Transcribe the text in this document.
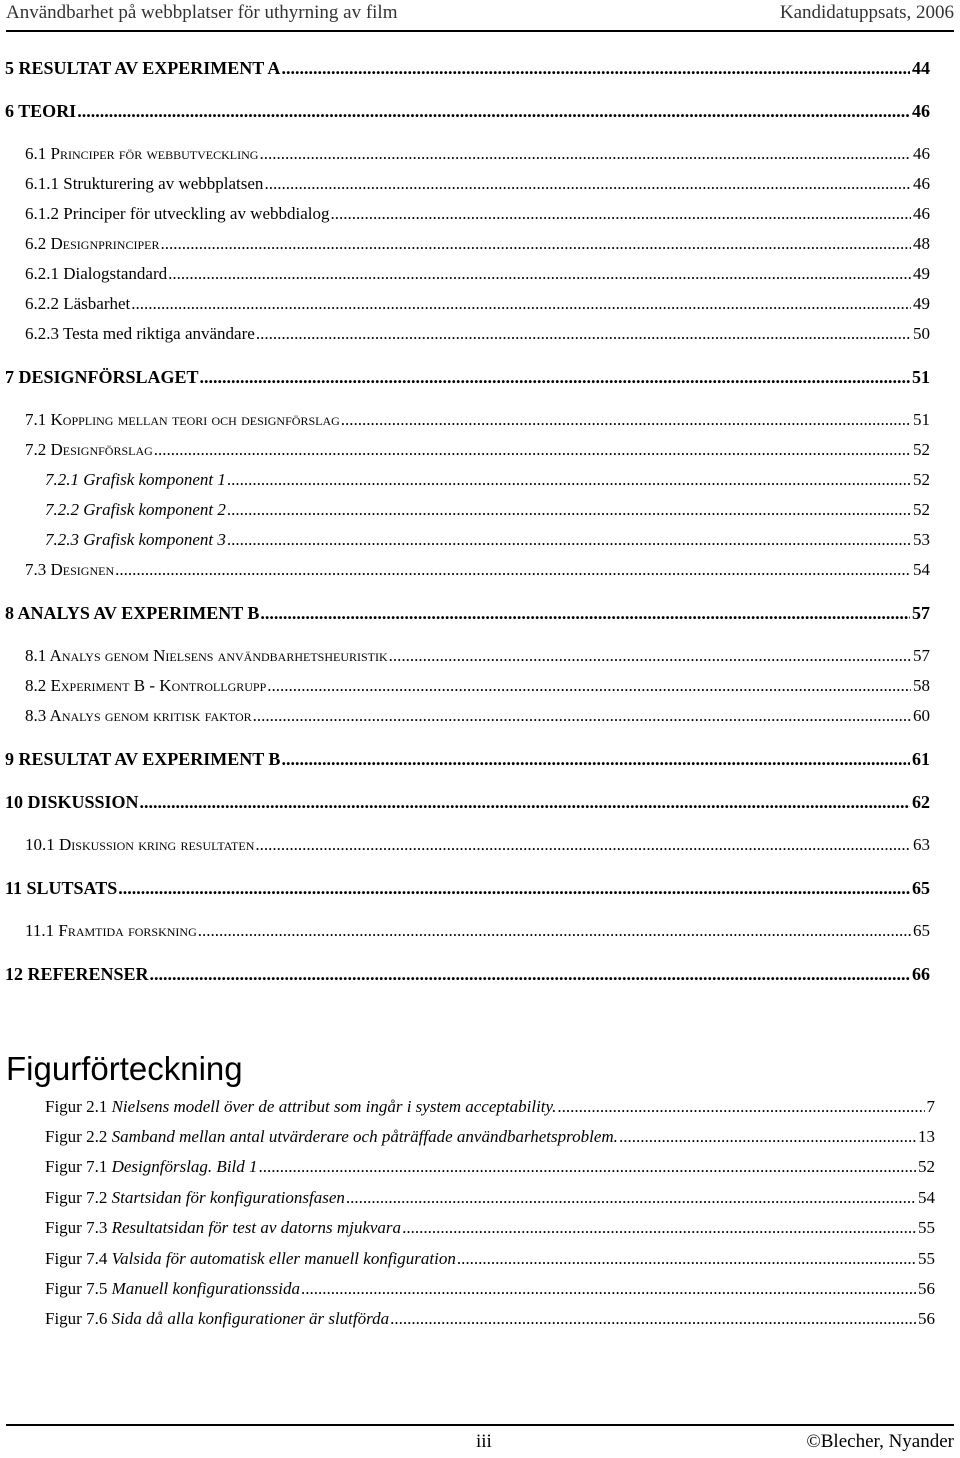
Användbarhet på webbplatser för uthyrning av film	Kandidatuppsats, 2006
5 RESULTAT AV EXPERIMENT A .....	44
6 TEORI .....	46
6.1 Principer för webbutveckling .....	46
6.1.1 Strukturering av webbplatsen .....	46
6.1.2 Principer för utveckling av webbdialog .....	46
6.2 Designprinciper .....	48
6.2.1 Dialogstandard .....	49
6.2.2 Läsbarhet .....	49
6.2.3 Testa med riktiga användare .....	50
7 DESIGNFÖRSLAGET .....	51
7.1 Koppling mellan teori och designförslag .....	51
7.2 Designförslag .....	52
7.2.1 Grafisk komponent 1 .....	52
7.2.2 Grafisk komponent 2 .....	52
7.2.3 Grafisk komponent 3 .....	53
7.3 Designen .....	54
8 ANALYS AV EXPERIMENT B .....	57
8.1 Analys genom Nielsens användbarhetsheuristik .....	57
8.2 Experiment B - Kontrollgrupp .....	58
8.3 Analys genom kritisk faktor .....	60
9 RESULTAT AV EXPERIMENT B .....	61
10 DISKUSSION .....	62
10.1 Diskussion kring resultaten .....	63
11 SLUTSATS .....	65
11.1 Framtida forskning .....	65
12 REFERENSER .....	66
Figurförteckning
Figur 2.1 Nielsens modell över de attribut som ingår i system acceptability. .....	7
Figur 2.2 Samband mellan antal utvärderare och påträffade användbarhetsproblem. .....	13
Figur 7.1 Designförslag. Bild 1 .....	52
Figur 7.2 Startsidan för konfigurationsfasen .....	54
Figur 7.3 Resultatsidan för test av datorns mjukvara .....	55
Figur 7.4 Valsida för automatisk eller manuell konfiguration .....	55
Figur 7.5 Manuell konfigurationssida .....	56
Figur 7.6 Sida då alla konfigurationer är slutförda .....	56
iii	©Blecher, Nyander
